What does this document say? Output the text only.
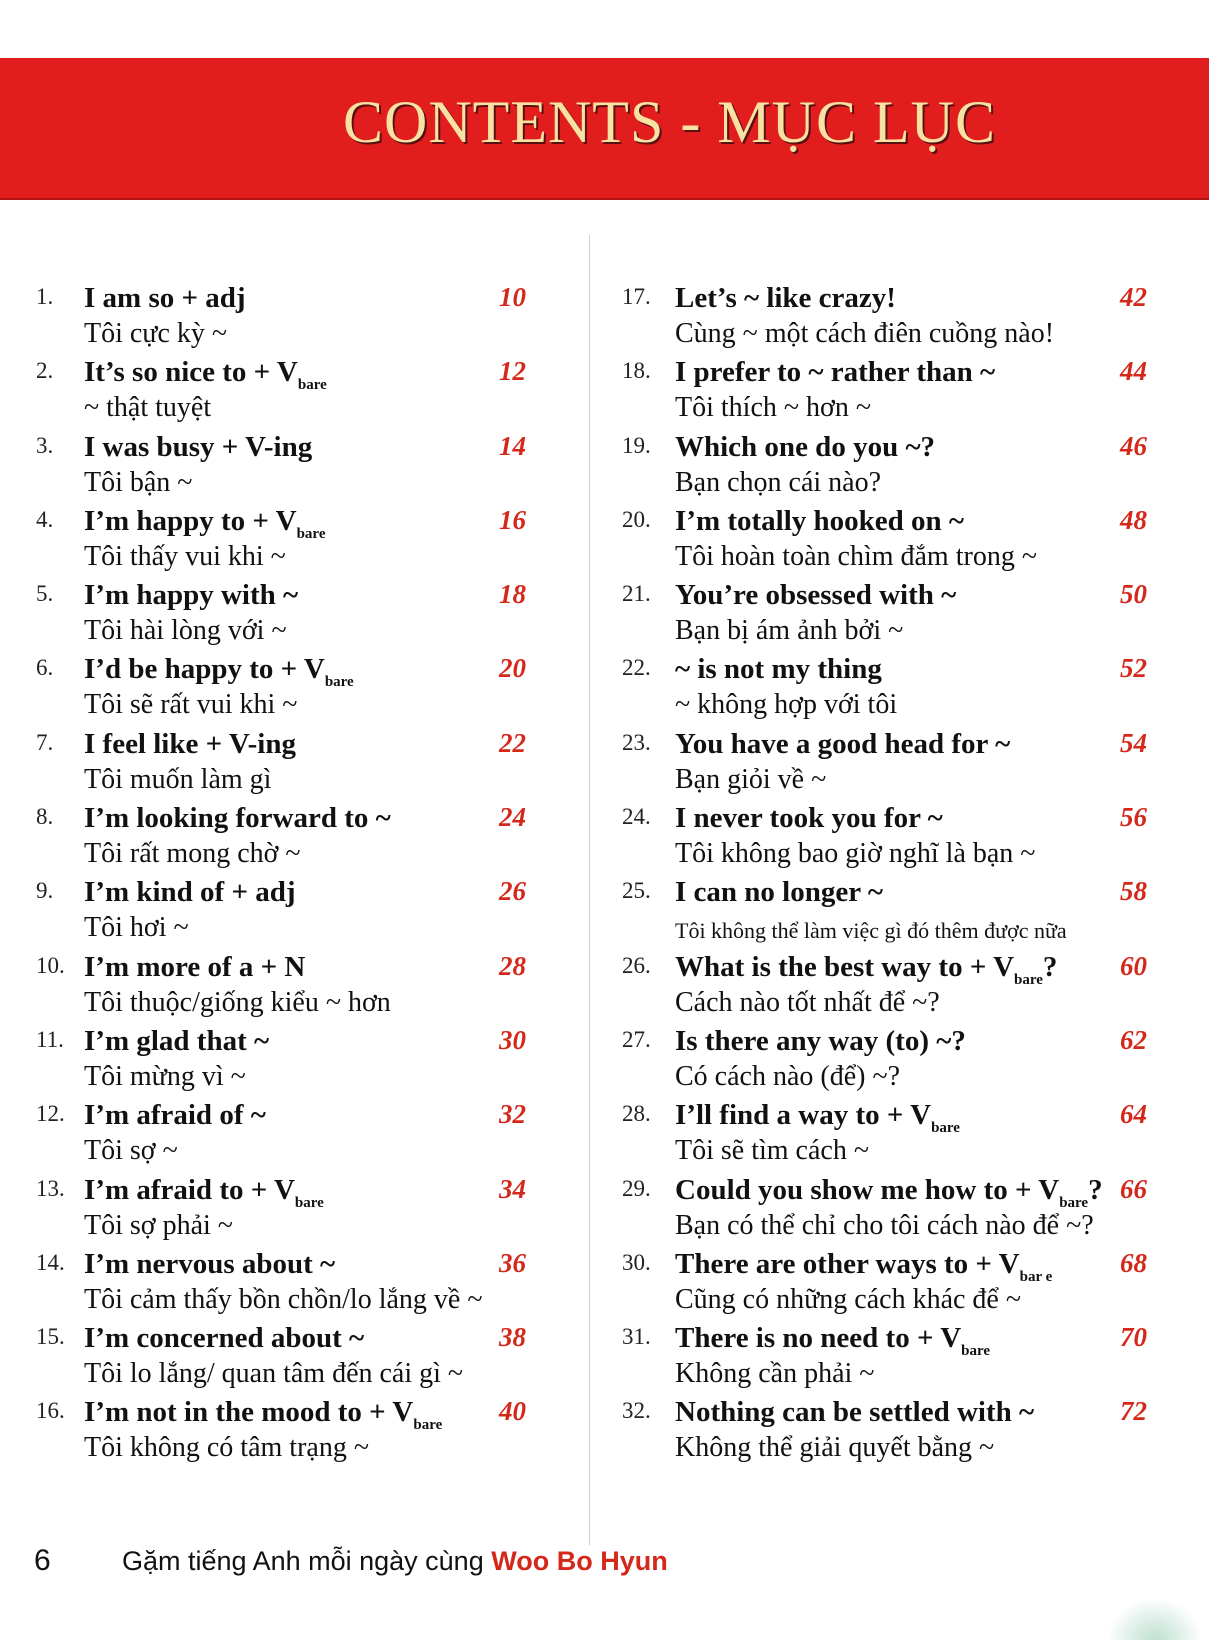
CONTENTS - MỤC LỤC
1. I am so + adj
Tôi cực kỳ ~
10
2. It’s so nice to + $V_{bare}$
~ thật tuyệt
12
3. I was busy + V-ing
Tôi bận ~
14
4. I’m happy to + $V_{bare}$
Tôi thấy vui khi ~
16
5. I’m happy with ~
Tôi hài lòng với ~
18
6. I’d be happy to + $V_{bare}$
Tôi sẽ rất vui khi ~
20
7. I feel like + V-ing
Tôi muốn làm gì
22
8. I’m looking forward to ~
Tôi rất mong chờ ~
24
9. I’m kind of + adj
Tôi hơi ~
26
10. I’m more of a + N
Tôi thuộc/giống kiểu ~ hơn
28
11. I’m glad that ~
Tôi mừng vì ~
30
12. I’m afraid of ~
Tôi sợ ~
32
13. I’m afraid to + $V_{bare}$
Tôi sợ phải ~
34
14. I’m nervous about ~
Tôi cảm thấy bồn chồn/lo lắng về ~
36
15. I’m concerned about ~
Tôi lo lắng/ quan tâm đến cái gì ~
38
16. I’m not in the mood to + $V_{bare}$
Tôi không có tâm trạng ~
40
17. Let’s ~ like crazy!
Cùng ~ một cách điên cuồng nào!
42
18. I prefer to ~ rather than ~
Tôi thích ~ hơn ~
44
19. Which one do you ~?
Bạn chọn cái nào?
46
20. I’m totally hooked on ~
Tôi hoàn toàn chìm đắm trong ~
48
21. You’re obsessed with ~
Bạn bị ám ảnh bởi ~
50
22. ~ is not my thing
~ không hợp với tôi
52
23. You have a good head for ~
Bạn giỏi về ~
54
24. I never took you for ~
Tôi không bao giờ nghĩ là bạn ~
56
25. I can no longer ~
Tôi không thể làm việc gì đó thêm được nữa
58
26. What is the best way to + $V_{bare}$?
Cách nào tốt nhất để ~?
60
27. Is there any way (to) ~?
Có cách nào (để) ~?
62
28. I’ll find a way to + $V_{bare}$
Tôi sẽ tìm cách ~
64
29. Could you show me how to + $V_{bare}$?
Bạn có thể chỉ cho tôi cách nào để ~?
66
30. There are other ways to + $V_{bar e}$
Cũng có những cách khác để ~
68
31. There is no need to + $V_{bare}$
Không cần phải ~
70
32. Nothing can be settled with ~
Không thể giải quyết bằng ~
72
6	Gặm tiếng Anh mỗi ngày cùng Woo Bo Hyun
